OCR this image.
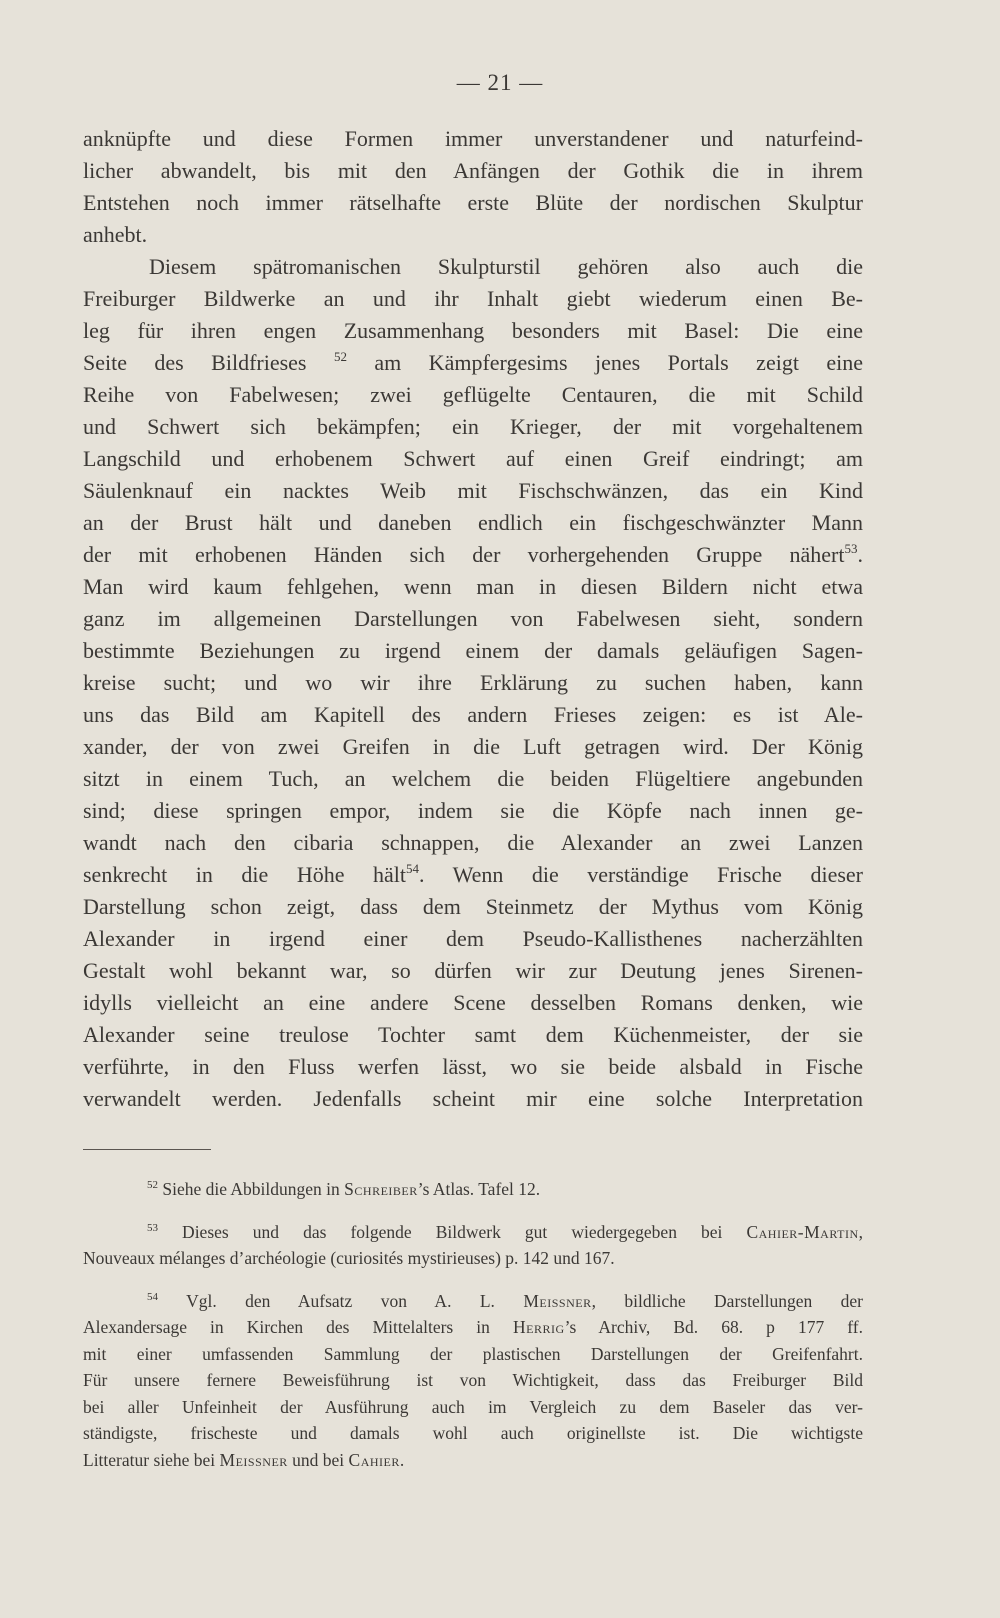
— 21 —
anknüpfte und diese Formen immer unverstandener und naturfeind-
licher abwandelt, bis mit den Anfängen der Gothik die in ihrem
Entstehen noch immer rätselhafte erste Blüte der nordischen Skulptur
anhebt.
Diesem spätromanischen Skulpturstil gehören also auch die
Freiburger Bildwerke an und ihr Inhalt giebt wiederum einen Be-
leg für ihren engen Zusammenhang besonders mit Basel: Die eine
Seite des Bildfrieses $^{52}$ am Kämpfergesims jenes Portals zeigt eine
Reihe von Fabelwesen; zwei geflügelte Centauren, die mit Schild
und Schwert sich bekämpfen; ein Krieger, der mit vorgehaltenem
Langschild und erhobenem Schwert auf einen Greif eindringt; am
Säulenknauf ein nacktes Weib mit Fischschwänzen, das ein Kind
an der Brust hält und daneben endlich ein fischgeschwänzter Mann
der mit erhobenen Händen sich der vorhergehenden Gruppe nähert$^{53}$.
Man wird kaum fehlgehen, wenn man in diesen Bildern nicht etwa
ganz im allgemeinen Darstellungen von Fabelwesen sieht, sondern
bestimmte Beziehungen zu irgend einem der damals geläufigen Sagen-
kreise sucht; und wo wir ihre Erklärung zu suchen haben, kann
uns das Bild am Kapitell des andern Frieses zeigen: es ist Ale-
xander, der von zwei Greifen in die Luft getragen wird. Der König
sitzt in einem Tuch, an welchem die beiden Flügeltiere angebunden
sind; diese springen empor, indem sie die Köpfe nach innen ge-
wandt nach den cibaria schnappen, die Alexander an zwei Lanzen
senkrecht in die Höhe hält$^{54}$. Wenn die verständige Frische dieser
Darstellung schon zeigt, dass dem Steinmetz der Mythus vom König
Alexander in irgend einer dem Pseudo-Kallisthenes nacherzählten
Gestalt wohl bekannt war, so dürfen wir zur Deutung jenes Sirenen-
idylls vielleicht an eine andere Scene desselben Romans denken, wie
Alexander seine treulose Tochter samt dem Küchenmeister, der sie
verführte, in den Fluss werfen lässt, wo sie beide alsbald in Fische
verwandelt werden. Jedenfalls scheint mir eine solche Interpretation
$^{52}$ Siehe die Abbildungen in Schreiber’s Atlas. Tafel 12.
$^{53}$ Dieses und das folgende Bildwerk gut wiedergegeben bei Cahier-Martin,
Nouveaux mélanges d’archéologie (curiosités mystirieuses) p. 142 und 167.
$^{54}$ Vgl. den Aufsatz von A. L. Meissner, bildliche Darstellungen der
Alexandersage in Kirchen des Mittelalters in Herrig’s Archiv, Bd. 68. p 177 ff.
mit einer umfassenden Sammlung der plastischen Darstellungen der Greifenfahrt.
Für unsere fernere Beweisführung ist von Wichtigkeit, dass das Freiburger Bild
bei aller Unfeinheit der Ausführung auch im Vergleich zu dem Baseler das ver-
ständigste, frischeste und damals wohl auch originellste ist. Die wichtigste
Litteratur siehe bei Meissner und bei Cahier.
